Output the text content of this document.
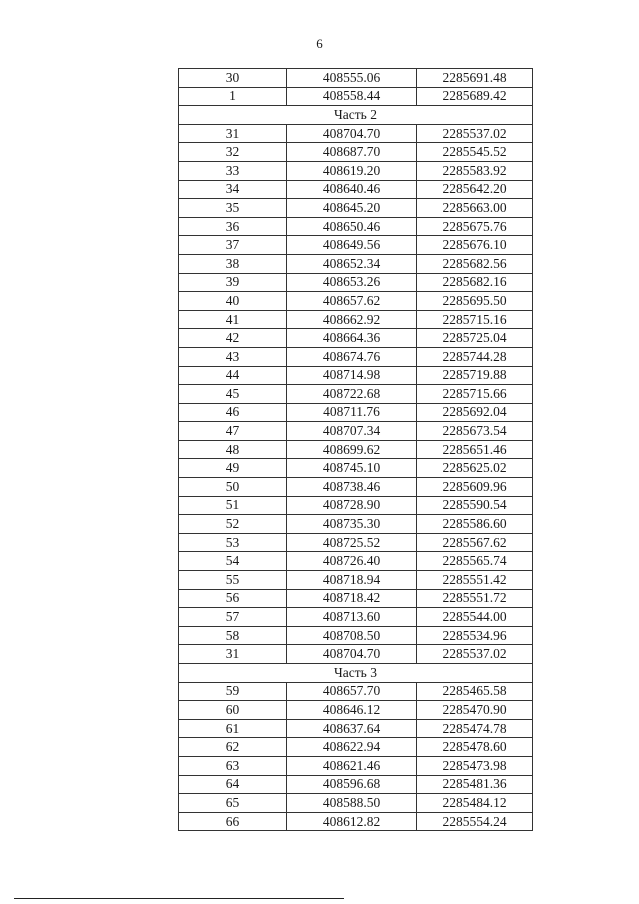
6
30	408555.06	2285691.48
1	408558.44	2285689.42
Часть 2		
31	408704.70	2285537.02
32	408687.70	2285545.52
33	408619.20	2285583.92
34	408640.46	2285642.20
35	408645.20	2285663.00
36	408650.46	2285675.76
37	408649.56	2285676.10
38	408652.34	2285682.56
39	408653.26	2285682.16
40	408657.62	2285695.50
41	408662.92	2285715.16
42	408664.36	2285725.04
43	408674.76	2285744.28
44	408714.98	2285719.88
45	408722.68	2285715.66
46	408711.76	2285692.04
47	408707.34	2285673.54
48	408699.62	2285651.46
49	408745.10	2285625.02
50	408738.46	2285609.96
51	408728.90	2285590.54
52	408735.30	2285586.60
53	408725.52	2285567.62
54	408726.40	2285565.74
55	408718.94	2285551.42
56	408718.42	2285551.72
57	408713.60	2285544.00
58	408708.50	2285534.96
31	408704.70	2285537.02
Часть 3		
59	408657.70	2285465.58
60	408646.12	2285470.90
61	408637.64	2285474.78
62	408622.94	2285478.60
63	408621.46	2285473.98
64	408596.68	2285481.36
65	408588.50	2285484.12
66	408612.82	2285554.24
